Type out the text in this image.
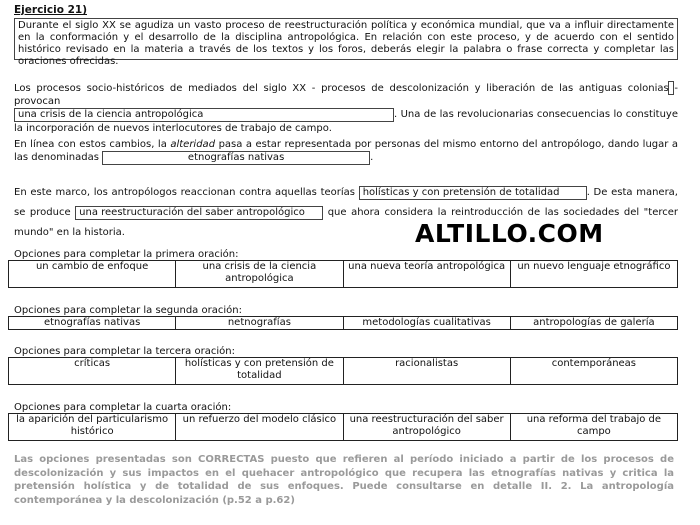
Ejercicio 21)
Durante el siglo XX se agudiza un vasto proceso de reestructuración política y económica mundial, que va a influir directamente en la conformación y el desarrollo de la disciplina antropológica. En relación con este proceso, y de acuerdo con el sentido histórico revisado en la materia a través de los textos y los foros, deberás elegir la palabra o frase correcta y completar las oraciones ofrecidas.
Los procesos socio-históricos de mediados del siglo XX - procesos de descolonización y liberación de las antiguas colonias - provocan
una crisis de la ciencia antropológica	. Una de las revolucionarias consecuencias lo constituye la incorporación de nuevos interlocutores de trabajo de campo.
En línea con estos cambios, la alteridad pasa a estar representada por personas del mismo entorno del antropólogo, dando lugar a las denominadas	etnografías nativas	.
En este marco, los antropólogos reaccionan contra aquellas teorías holísticas y con pretensión de totalidad	. De esta manera, se produce una reestructuración del saber antropológico que ahora considera la reintroducción de las sociedades del "tercer mundo" en la historia.	ALTILLO.COM
Opciones para completar la primera oración:
un cambio de enfoque	una crisis de la ciencia antropológica	una nueva teoría antropológica	un nuevo lenguaje etnográfico
Opciones para completar la segunda oración:
etnografías nativas	netnografías	metodologías cualitativas	antropologías de galería
Opciones para completar la tercera oración:
críticas	holísticas y con pretensión de totalidad	racionalistas	contemporáneas
Opciones para completar la cuarta oración:
la aparición del particularismo histórico	un refuerzo del modelo clásico	una reestructuración del saber antropológico	una reforma del trabajo de campo
Las opciones presentadas son CORRECTAS puesto que refieren al período iniciado a partir de los procesos de descolonización y sus impactos en el quehacer antropológico que recupera las etnografías nativas y critica la pretensión holística y de totalidad de sus enfoques. Puede consultarse en detalle II. 2. La antropología contemporánea y la descolonización (p.52 a p.62)
